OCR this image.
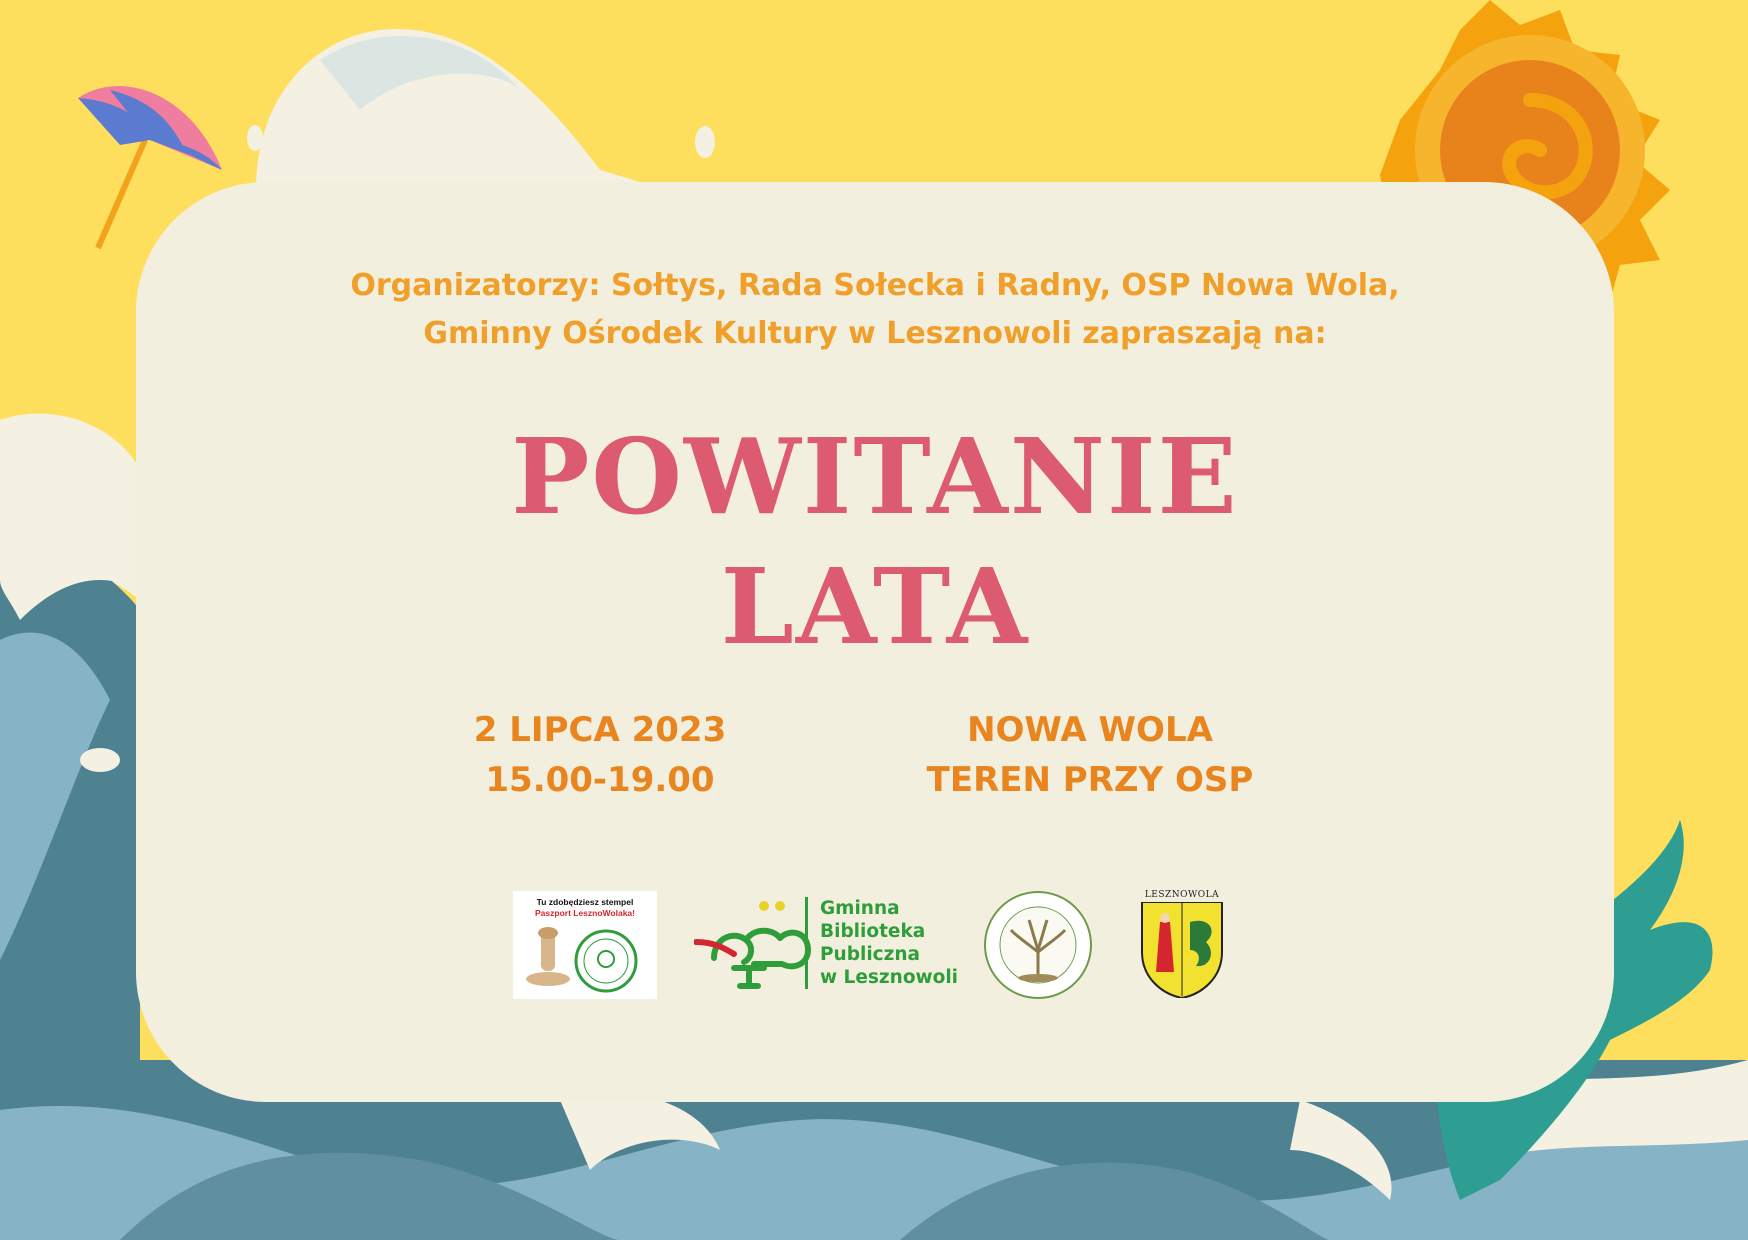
Organizatorzy: Sołtys, Rada Sołecka i Radny, OSP Nowa Wola,
Gminny Ośrodek Kultury w Lesznowoli zapraszają na:
POWITANIE
LATA
2 LIPCA 2023
15.00-19.00
NOWA WOLA
TEREN PRZY OSP
Tu zdobędziesz stempel
Paszport LesznoWolaka!	Gminna
Biblioteka
Publiczna
w Lesznowoli
LESZNOWOLA
